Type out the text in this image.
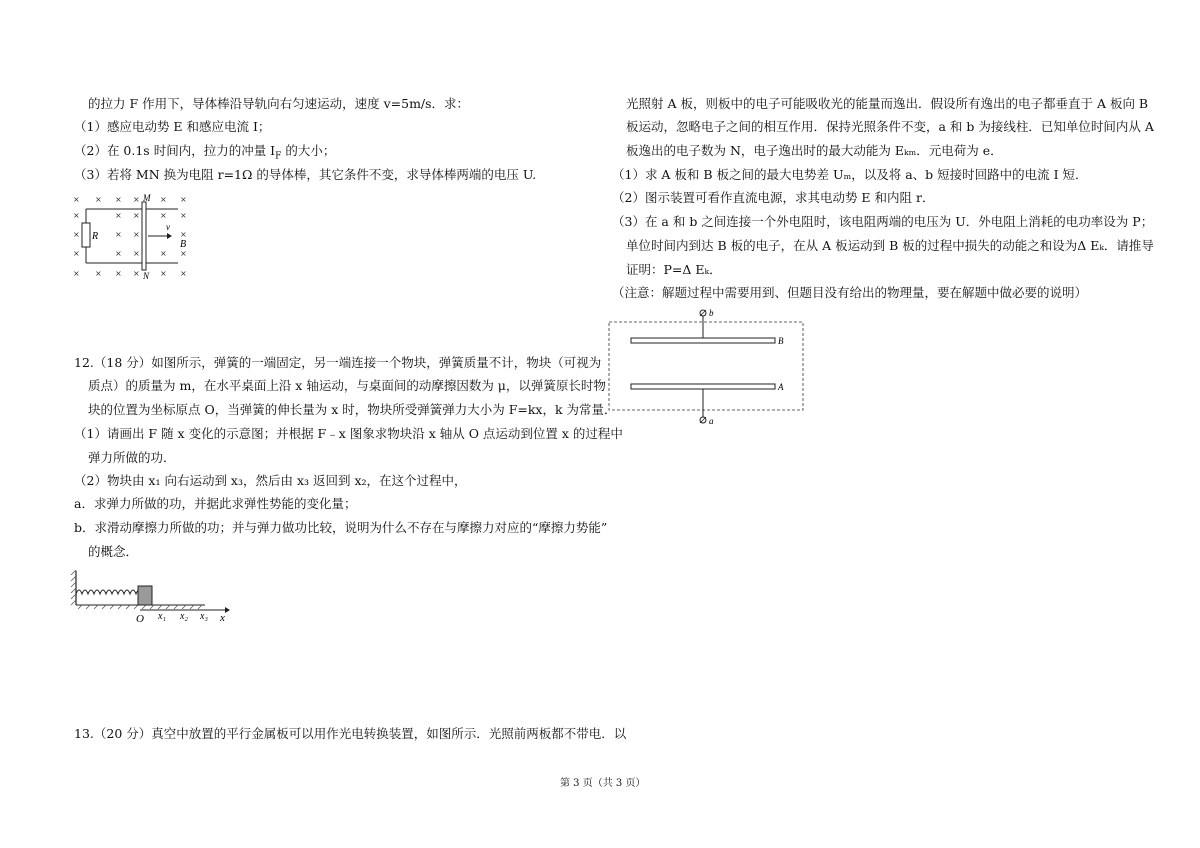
的拉力 F 作用下，导体棒沿导轨向右匀速运动，速度 v=5m/s．求：
（1）感应电动势 E 和感应电流 I；
（2）在 0.1s 时间内，拉力的冲量 $I_F$ 的大小；
（3）若将 MN 换为电阻 r=1Ω 的导体棒，其它条件不变，求导体棒两端的电压 U.
× × × ×	× ×
×	× ×	× ×
×	× ×	×
×	× ×	× ×
× × × ×	× ×
R
M
N
v
B
12.（18 分）如图所示，弹簧的一端固定，另一端连接一个物块，弹簧质量不计，物块（可视为
质点）的质量为 m，在水平桌面上沿 x 轴运动，与桌面间的动摩擦因数为 μ，以弹簧原长时物
块的位置为坐标原点 O，当弹簧的伸长量为 x 时，物块所受弹簧弹力大小为 F=kx，k 为常量．
（1）请画出 F 随 x 变化的示意图；并根据 F﹣x 图象求物块沿 x 轴从 O 点运动到位置 x 的过程中
弹力所做的功．
（2）物块由 x₁ 向右运动到 x₃，然后由 x₃ 返回到 x₂，在这个过程中，
a．求弹力所做的功，并据此求弹性势能的变化量；
b．求滑动摩擦力所做的功；并与弹力做功比较，说明为什么不存在与摩擦力对应的“摩擦力势能”
的概念．
O x₁ x₂ x₃ x
13.（20 分）真空中放置的平行金属板可以用作光电转换装置，如图所示．光照前两板都不带电．以
光照射 A 板，则板中的电子可能吸收光的能量而逸出．假设所有逸出的电子都垂直于 A 板向 B
板运动，忽略电子之间的相互作用．保持光照条件不变，a 和 b 为接线柱．已知单位时间内从 A
板逸出的电子数为 N，电子逸出时的最大动能为 Eₖₘ．元电荷为 e．
（1）求 A 板和 B 板之间的最大电势差 Uₘ，以及将 a、b 短接时回路中的电流 I 短．
（2）图示装置可看作直流电源，求其电动势 E 和内阻 r．
（3）在 a 和 b 之间连接一个外电阻时，该电阻两端的电压为 U．外电阻上消耗的电功率设为 P；
单位时间内到达 B 板的电子，在从 A 板运动到 B 板的过程中损失的动能之和设为Δ Eₖ．请推导
证明：P=Δ Eₖ．
（注意：解题过程中需要用到、但题目没有给出的物理量，要在解题中做必要的说明）
b
B
A
a
第 3 页（共 3 页）
